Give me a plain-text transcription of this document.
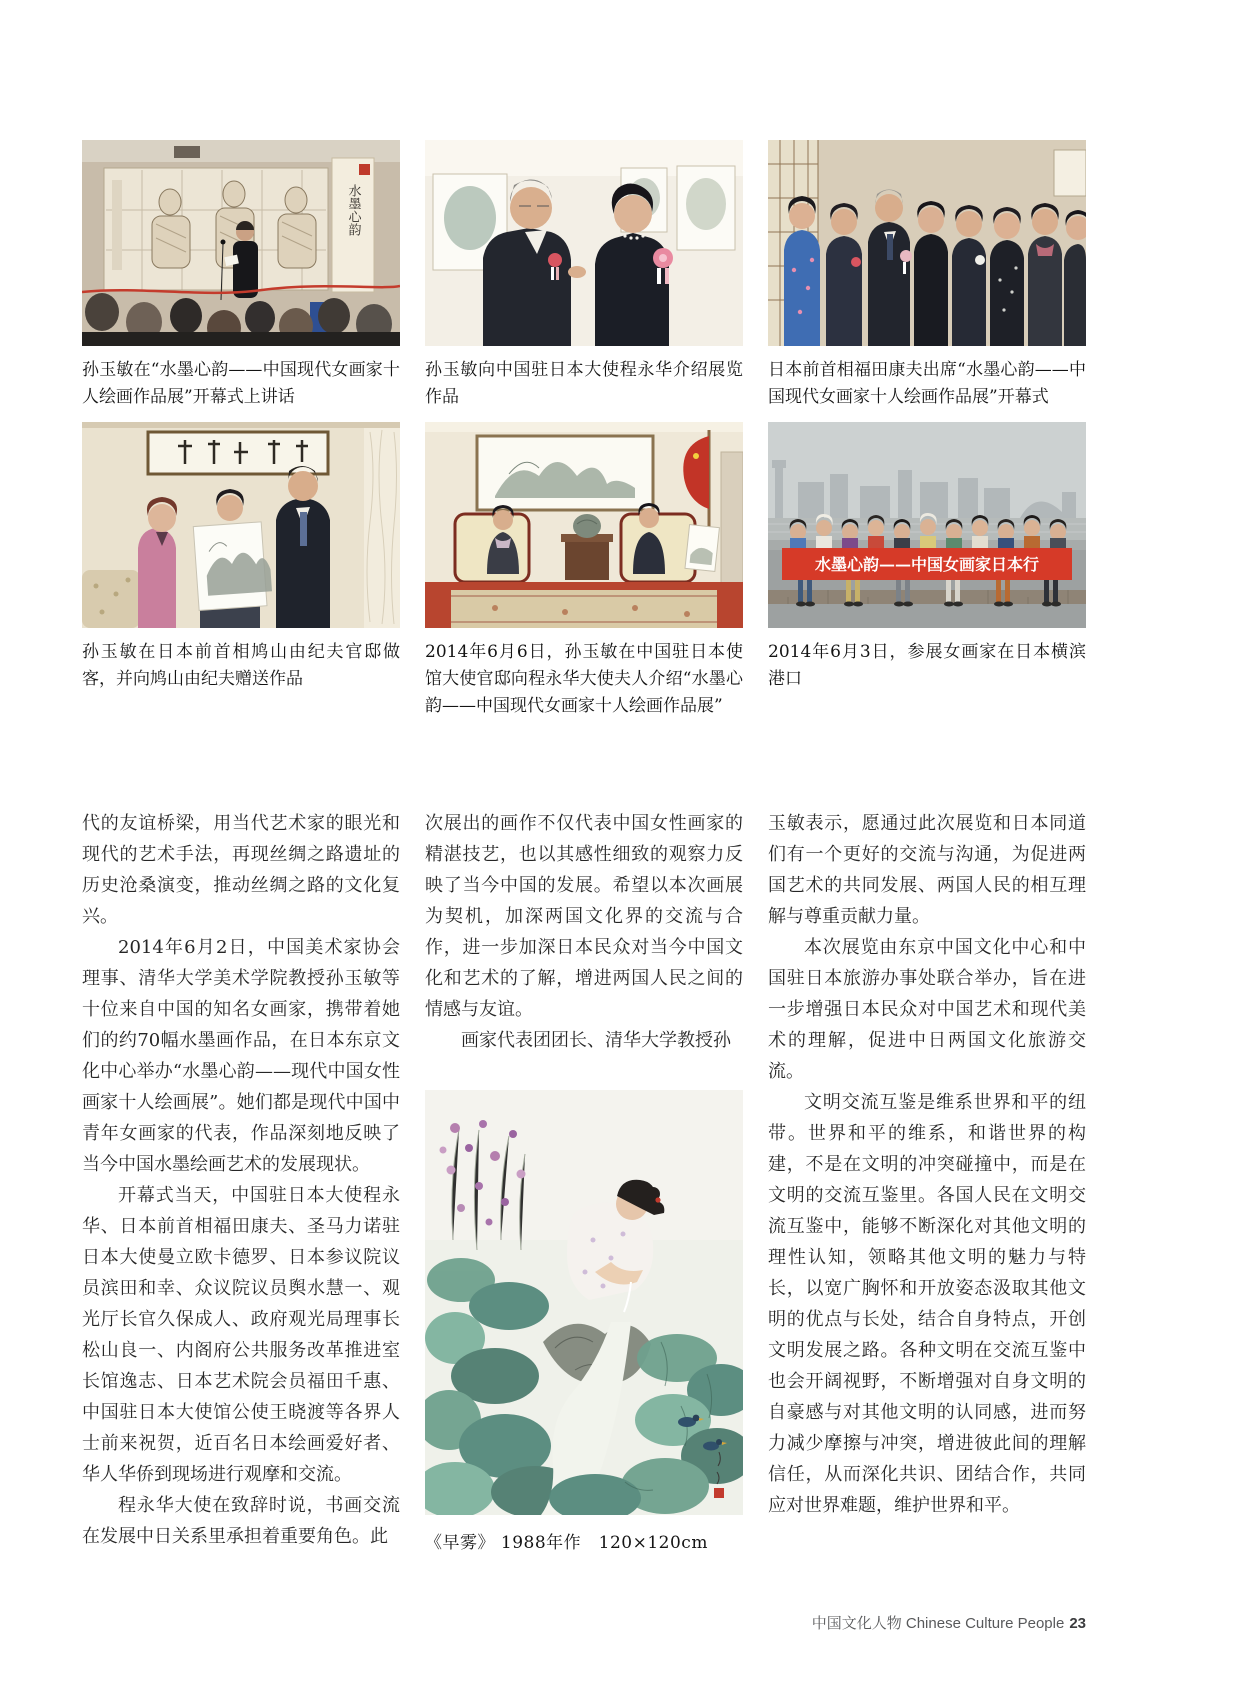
水墨心韵
孙玉敏在“水墨心韵——中国现代女画家十人绘画作品展”开幕式上讲话
孙玉敏向中国驻日本大使程永华介绍展览作品
日本前首相福田康夫出席“水墨心韵——中国现代女画家十人绘画作品展”开幕式
孙玉敏在日本前首相鸠山由纪夫官邸做客，并向鸠山由纪夫赠送作品
2014年6月6日，孙玉敏在中国驻日本使馆大使官邸向程永华大使夫人介绍“水墨心韵——中国现代女画家十人绘画作品展”
水墨心韵——中国女画家日本行
2014年6月3日，参展女画家在日本横滨港口

代的友谊桥梁，用当代艺术家的眼光和现代的艺术手法，再现丝绸之路遗址的历史沧桑演变，推动丝绸之路的文化复兴。

2014年6月2日，中国美术家协会理事、清华大学美术学院教授孙玉敏等十位来自中国的知名女画家，携带着她们的约70幅水墨画作品，在日本东京文化中心举办“水墨心韵——现代中国女性画家十人绘画展”。她们都是现代中国中青年女画家的代表，作品深刻地反映了当今中国水墨绘画艺术的发展现状。

开幕式当天，中国驻日本大使程永华、日本前首相福田康夫、圣马力诺驻日本大使曼立欧卡德罗、日本参议院议员滨田和幸、众议院议员舆水慧一、观光厅长官久保成人、政府观光局理事长松山良一、内阁府公共服务改革推进室长馆逸志、日本艺术院会员福田千惠、中国驻日本大使馆公使王晓渡等各界人士前来祝贺，近百名日本绘画爱好者、华人华侨到现场进行观摩和交流。

程永华大使在致辞时说，书画交流在发展中日关系里承担着重要角色。此

次展出的画作不仅代表中国女性画家的精湛技艺，也以其感性细致的观察力反映了当今中国的发展。希望以本次画展为契机，加深两国文化界的交流与合作，进一步加深日本民众对当今中国文化和艺术的了解，增进两国人民之间的情感与友谊。

画家代表团团长、清华大学教授孙

《早雾》 1988年作　120×120cm

玉敏表示，愿通过此次展览和日本同道们有一个更好的交流与沟通，为促进两国艺术的共同发展、两国人民的相互理解与尊重贡献力量。

本次展览由东京中国文化中心和中国驻日本旅游办事处联合举办，旨在进一步增强日本民众对中国艺术和现代美术的理解，促进中日两国文化旅游交流。

文明交流互鉴是维系世界和平的纽带。世界和平的维系，和谐世界的构建，不是在文明的冲突碰撞中，而是在文明的交流互鉴里。各国人民在文明交流互鉴中，能够不断深化对其他文明的理性认知，领略其他文明的魅力与特长，以宽广胸怀和开放姿态汲取其他文明的优点与长处，结合自身特点，开创文明发展之路。各种文明在交流互鉴中也会开阔视野，不断增强对自身文明的自豪感与对其他文明的认同感，进而努力减少摩擦与冲突，增进彼此间的理解信任，从而深化共识、团结合作，共同应对世界难题，维护世界和平。

中国文化人物 Chinese Culture People 23
